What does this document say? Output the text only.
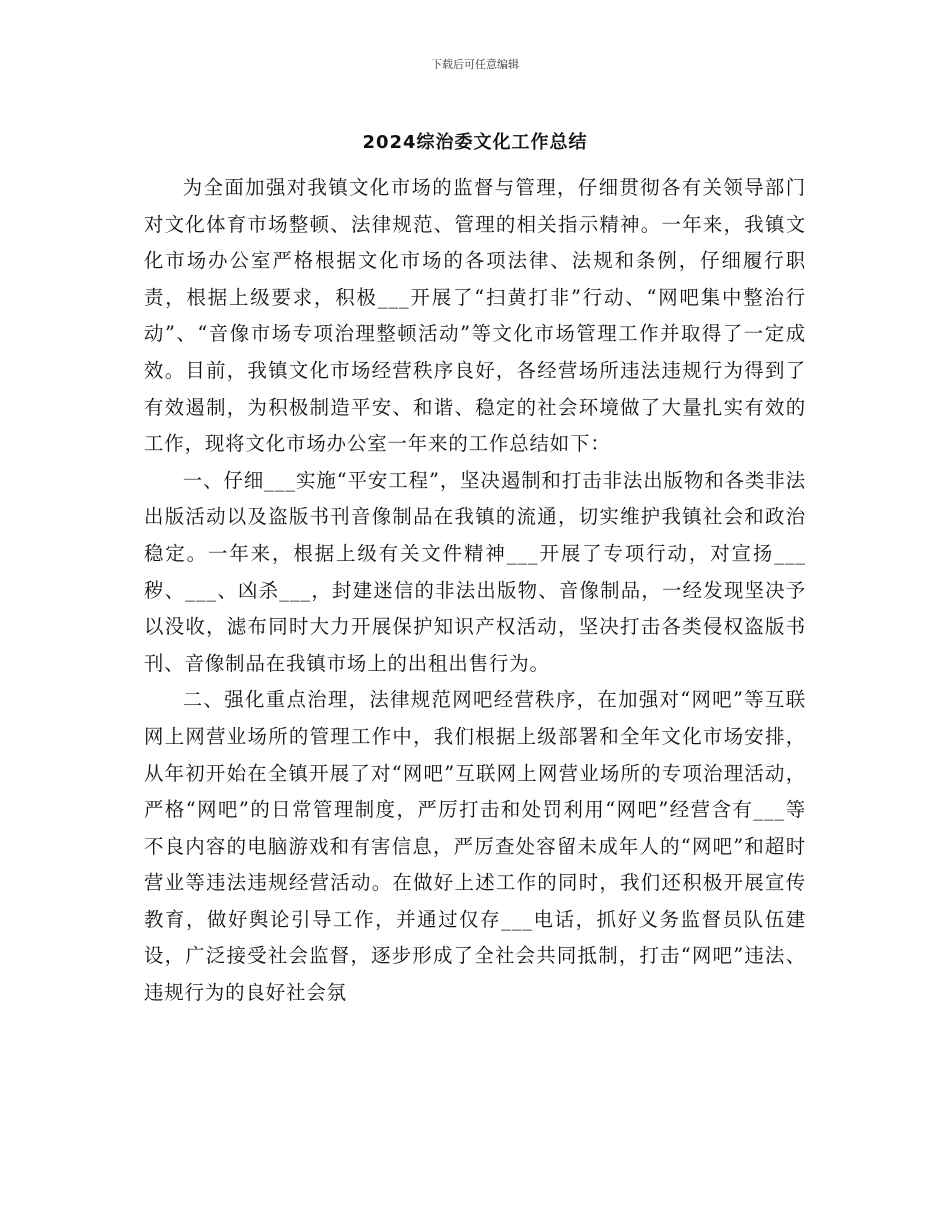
下载后可任意编辑
2024综治委文化工作总结

为全面加强对我镇文化市场的监督与管理，仔细贯彻各有关领导部门对文化体育市场整顿、法律规范、管理的相关指示精神。一年来，我镇文化市场办公室严格根据文化市场的各项法律、法规和条例，仔细履行职责，根据上级要求，积极___开展了“扫黄打非”行动、“网吧集中整治行动”、“音像市场专项治理整顿活动”等文化市场管理工作并取得了一定成效。目前，我镇文化市场经营秩序良好，各经营场所违法违规行为得到了有效遏制，为积极制造平安、和谐、稳定的社会环境做了大量扎实有效的工作，现将文化市场办公室一年来的工作总结如下：

一、仔细___实施“平安工程”，坚决遏制和打击非法出版物和各类非法出版活动以及盗版书刊音像制品在我镇的流通，切实维护我镇社会和政治稳定。一年来，根据上级有关文件精神___开展了专项行动，对宣扬___秽、___、凶杀___，封建迷信的非法出版物、音像制品，一经发现坚决予以没收，滤布同时大力开展保护知识产权活动，坚决打击各类侵权盗版书刊、音像制品在我镇市场上的出租出售行为。

二、强化重点治理，法律规范网吧经营秩序，在加强对“网吧”等互联网上网营业场所的管理工作中，我们根据上级部署和全年文化市场安排，从年初开始在全镇开展了对“网吧”互联网上网营业场所的专项治理活动，严格“网吧”的日常管理制度，严厉打击和处罚利用“网吧”经营含有___等不良内容的电脑游戏和有害信息，严厉查处容留未成年人的“网吧”和超时营业等违法违规经营活动。在做好上述工作的同时，我们还积极开展宣传教育，做好舆论引导工作，并通过仅存___电话，抓好义务监督员队伍建设，广泛接受社会监督，逐步形成了全社会共同抵制，打击“网吧”违法、违规行为的良好社会氛
